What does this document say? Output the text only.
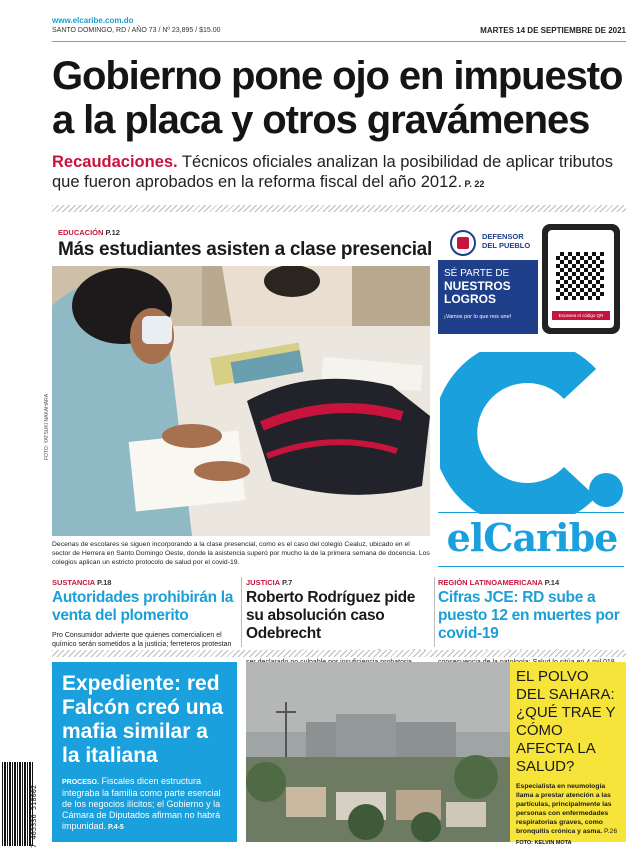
www.elcaribe.com.do
SANTO DOMINGO, RD / AÑO 73 / Nº 23,895 / $15.00	MARTES 14 DE SEPTIEMBRE DE 2021
Gobierno pone ojo en impuesto
a la placa y otros gravámenes
Recaudaciones. Técnicos oficiales analizan la posibilidad de aplicar tributos que fueron aprobados en la reforma fiscal del año 2012. P. 22
EDUCACIÓN P.12
Más estudiantes asisten a clase presencial
FOTO: YATSUKI NAKAHARA
Decenas de escolares se siguen incorporando a la clase presencial, como es el caso del colegio Cealuz, ubicado en el sector de Herrera en Santo Domingo Oeste, donde la asistencia superó por mucho la de la primera semana de docencia. Los colegios aplican un estricto protocolo de salud por el covid-19.
DEFENSOR
DEL PUEBLO
SÉ PARTE DE
NUESTROS
LOGROS
¡Vamos por lo que nos une!	Escanea el código QR
elCaribe
SUSTANCIA P.18
Autoridades prohibirán la venta del plomerito
Pro Consumidor advierte que quienes comercialicen el químico serán sometidos a la justicia; ferreteros protestan
JUSTICIA P.7
Roberto Rodríguez pide su absolución caso Odebrecht
REGIÓN LATINOAMERICANA P.14
Cifras JCE: RD sube a puesto 12 en muertes por covid-19
Expediente: red Falcón creó una mafia similar a la italiana
PROCESO. Fiscales dicen estructura integraba la familia como parte esencial de los negocios ilícitos; el Gobierno y la Cámara de Diputados afirman no habrá impunidad. P.4-5
EL POLVO DEL SAHARA: ¿QUÉ TRAE Y CÓMO AFECTA LA SALUD?
Especialista en neumología llama a prestar atención a las partículas, principalmente las personas con enfermedades respiratorias graves, como bronquitis crónica y asma. P.26
FOTO: KELVIN MOTA
7 465336 518002
